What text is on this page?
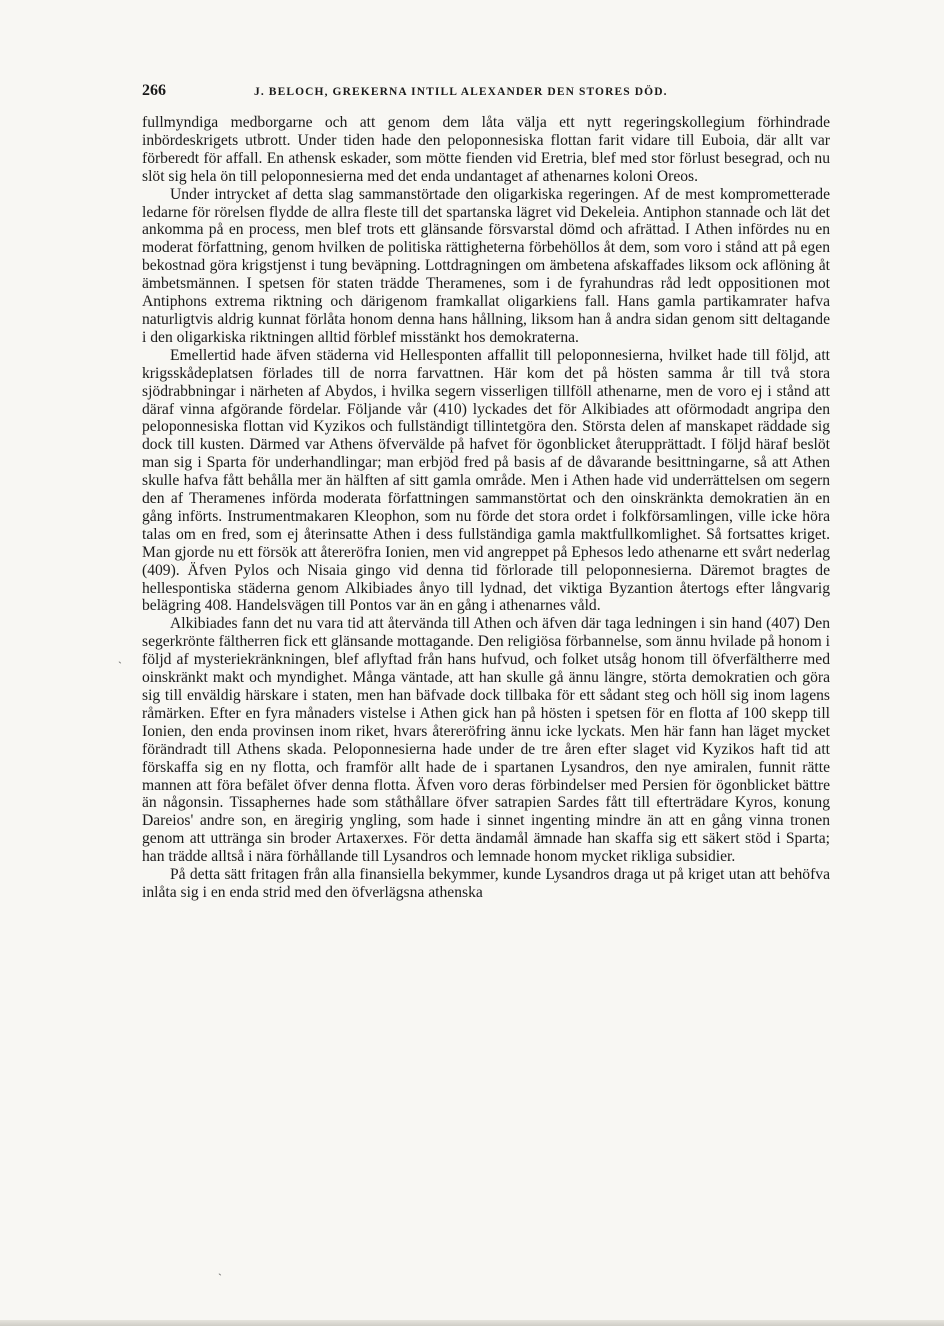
266	J. BELOCH, GREKERNA INTILL ALEXANDER DEN STORES DÖD.

fullmyndiga medborgarne och att genom dem låta välja ett nytt regeringskollegium förhindrade inbördeskrigets utbrott. Under tiden hade den peloponnesiska flottan farit vidare till Euboia, där allt var förberedt för affall. En athensk eskader, som mötte fienden vid Eretria, blef med stor förlust besegrad, och nu slöt sig hela ön till peloponnesierna med det enda undantaget af athenarnes koloni Oreos.

Under intrycket af detta slag sammanstörtade den oligarkiska regeringen. Af de mest komprometterade ledarne för rörelsen flydde de allra fleste till det spartanska lägret vid Dekeleia. Antiphon stannade och lät det ankomma på en process, men blef trots ett glänsande försvarstal dömd och afrättad. I Athen infördes nu en moderat författning, genom hvilken de politiska rättigheterna förbehöllos åt dem, som voro i stånd att på egen bekostnad göra krigstjenst i tung beväpning. Lottdragningen om ämbetena afskaffades liksom ock aflöning åt ämbetsmännen. I spetsen för staten trädde Theramenes, som i de fyrahundras råd ledt oppositionen mot Antiphons extrema riktning och därigenom framkallat oligarkiens fall. Hans gamla partikamrater hafva naturligtvis aldrig kunnat förlåta honom denna hans hållning, liksom han å andra sidan genom sitt deltagande i den oligarkiska riktningen alltid förblef misstänkt hos demokraterna.

Emellertid hade äfven städerna vid Hellesponten affallit till peloponnesierna, hvilket hade till följd, att krigsskådeplatsen förlades till de norra farvattnen. Här kom det på hösten samma år till två stora sjödrabbningar i närheten af Abydos, i hvilka segern visserligen tillföll athenarne, men de voro ej i stånd att däraf vinna afgörande fördelar. Följande vår (410) lyckades det för Alkibiades att oförmodadt angripa den peloponnesiska flottan vid Kyzikos och fullständigt tillintetgöra den. Största delen af manskapet räddade sig dock till kusten. Därmed var Athens öfvervälde på hafvet för ögonblicket återupprättadt. I följd häraf beslöt man sig i Sparta för underhandlingar; man erbjöd fred på basis af de dåvarande besittningarne, så att Athen skulle hafva fått behålla mer än hälften af sitt gamla område. Men i Athen hade vid underrättelsen om segern den af Theramenes införda moderata författningen sammanstörtat och den oinskränkta demokratien än en gång införts. Instrumentmakaren Kleophon, som nu förde det stora ordet i folkförsamlingen, ville icke höra talas om en fred, som ej återinsatte Athen i dess fullständiga gamla maktfullkomlighet. Så fortsattes kriget. Man gjorde nu ett försök att återeröfra Ionien, men vid angreppet på Ephesos ledo athenarne ett svårt nederlag (409). Äfven Pylos och Nisaia gingo vid denna tid förlorade till peloponnesierna. Däremot bragtes de hellespontiska städerna genom Alkibiades ånyo till lydnad, det viktiga Byzantion återtogs efter långvarig belägring 408. Handelsvägen till Pontos var än en gång i athenarnes våld.

Alkibiades fann det nu vara tid att återvända till Athen och äfven där taga ledningen i sin hand (407) Den segerkrönte fältherren fick ett glänsande mottagande. Den religiösa förbannelse, som ännu hvilade på honom i följd af mysteriekränkningen, blef aflyftad från hans hufvud, och folket utsåg honom till öfverfältherre med oinskränkt makt och myndighet. Många väntade, att han skulle gå ännu längre, störta demokratien och göra sig till enväldig härskare i staten, men han bäfvade dock tillbaka för ett sådant steg och höll sig inom lagens råmärken. Efter en fyra månaders vistelse i Athen gick han på hösten i spetsen för en flotta af 100 skepp till Ionien, den enda provinsen inom riket, hvars återeröfring ännu icke lyckats. Men här fann han läget mycket förändradt till Athens skada. Peloponnesierna hade under de tre åren efter slaget vid Kyzikos haft tid att förskaffa sig en ny flotta, och framför allt hade de i spartanen Lysandros, den nye amiralen, funnit rätte mannen att föra befälet öfver denna flotta. Äfven voro deras förbindelser med Persien för ögonblicket bättre än någonsin. Tissaphernes hade som ståthållare öfver satrapien Sardes fått till efterträdare Kyros, konung Dareios' andre son, en äregirig yngling, som hade i sinnet ingenting mindre än att en gång vinna tronen genom att uttränga sin broder Artaxerxes. För detta ändamål ämnade han skaffa sig ett säkert stöd i Sparta; han trädde alltså i nära förhållande till Lysandros och lemnade honom mycket rikliga subsidier.

På detta sätt fritagen från alla finansiella bekymmer, kunde Lysandros draga ut på kriget utan att behöfva inlåta sig i en enda strid med den öfverlägsna athenska

ˎ
ˏ
